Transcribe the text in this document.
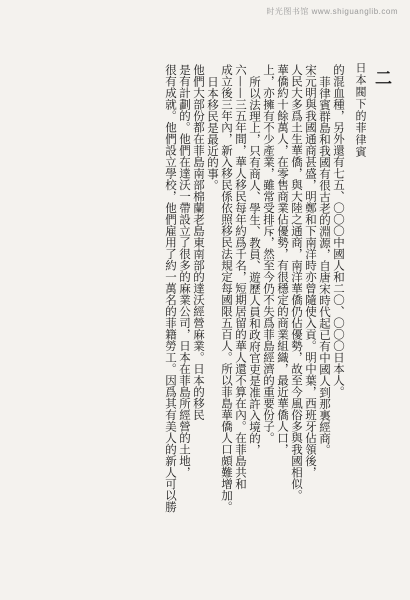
时光图书馆 www.shiguanglib.com
二
日本閥下的菲律賓
的混血種，另外還有七五、〇〇〇中國人和二〇、〇〇〇日本人。
菲律賓群島和我國有很古老的淵源，自唐宋時代起已有中國人到那裏經商。
宋元明與我國通商甚盛，明鄭和下南洋時亦曾隨使入貢。明中葉，西班牙佔領後，
人民大多爲土生華僑，與大陸之通商，南洋華僑仍佔優勢，故至今風俗多與我國相似。
華僑約十餘萬人，在零售商業佔優勢，有很穩定的商業組織，最近華僑人口，
上，亦擁有不少產業，雖常受排斥，然至今仍不失爲菲島經濟的重要份子。
所以法理上，只有商人、學生、教員、遊歷人員和政府官吏是准許入境的，
六——三五年間，華人移民每年約爲千名，短期居留的華人還不算在內。在菲島共和
成立後三年內，新入移民係依照移民法規定每國限五百人。所以菲島華僑人口頗難增加。
日本移民是最近的事。
他們大部份都在菲島南部棉蘭老島東南部的達沃經營麻業。日本的移民
是有計劃的。他們在達沃一帶設立了很多的麻業公司，日本在菲島所經營的土地，
很有成就。他們設立學校，他們雇用了約一萬名的菲籍勞工。因爲其有美人的新人可以勝
